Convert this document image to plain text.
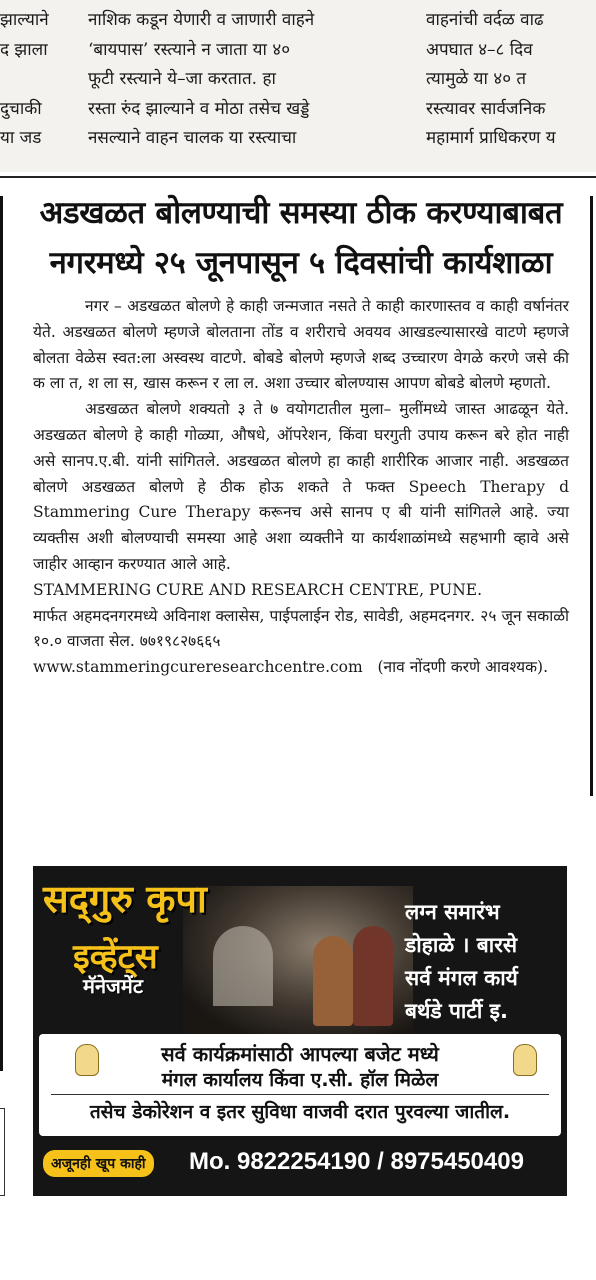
झाल्याने
द झाला
दुचाकी
या जड
नाशिक कडून येणारी व जाणारी वाहने
‘बायपास’ रस्त्याने न जाता या ४०
फूटी रस्त्याने ये–जा करतात. हा
रस्ता रुंद झाल्याने व मोठा तसेच खड्डे
नसल्याने वाहन चालक या रस्त्याचा
वाहनांची वर्दळ वाढ
अपघात ४–८ दिव
त्यामुळे या ४० त
रस्त्यावर सार्वजनिक
महामार्ग प्राधिकरण य
अडखळत बोलण्याची समस्या ठीक करण्याबाबत
नगरमध्ये २५ जूनपासून ५ दिवसांची कार्यशाळा

नगर – अडखळत बोलणे हे काही जन्मजात नसते ते काही कारणास्तव व काही वर्षानंतर येते. अडखळत बोलणे म्हणजे बोलताना तोंड व शरीराचे अवयव आखडल्यासारखे वाटणे म्हणजे बोलता वेळेस स्वत:ला अस्वस्थ वाटणे. बोबडे बोलणे म्हणजे शब्द उच्चारण वेगळे करणे जसे की क ला त, श ला स, खास करून र ला ल. अशा उच्चार बोलण्यास आपण बोबडे बोलणे म्हणतो.

अडखळत बोलणे शक्यतो ३ ते ७ वयोगटातील मुला– मुलींमध्ये जास्त आढळून येते. अडखळत बोलणे हे काही गोळ्या, औषधे, ऑपरेशन, किंवा घरगुती उपाय करून बरे होत नाही असे सानप.ए.बी. यांनी सांगितले. अडखळत बोलणे हा काही शारीरिक आजार नाही. अडखळत बोलणे अडखळत बोलणे हे ठीक होऊ शकते ते फक्त Speech Therapy d Stammering Cure Therapy करूनच असे सानप ए बी यांनी सांगितले आहे. ज्या व्यक्तीस अशी बोलण्याची समस्या आहे अशा व्यक्तीने या कार्यशाळांमध्ये सहभागी व्हावे असे जाहीर आव्हान करण्यात आले आहे.

STAMMERING CURE AND RESEARCH CENTRE, PUNE.

मार्फत अहमदनगरमध्ये अविनाश क्लासेस, पाईपलाईन रोड, सावेडी, अहमदनगर. २५ जून सकाळी १०.० वाजता सेल. ७७१९८२७६६५

www.stammeringcureresearchcentre.com (नाव नोंदणी करणे आवश्यक).

सद्‌गुरु कृपा
इव्हेंट्स
मॅनेजमेंट
लग्न समारंभ
डोहाळे । बारसे
सर्व मंगल कार्य
बर्थडे पार्टी इ.
सर्व कार्यक्रमांसाठी आपल्या बजेट मध्ये
मंगल कार्यालय किंवा ए.सी. हॉल मिळेल
तसेच डेकोरेशन व इतर सुविधा वाजवी दरात पुरवल्या जातील.
अजूनही खूप काही	Mo. 9822254190 / 8975450409
